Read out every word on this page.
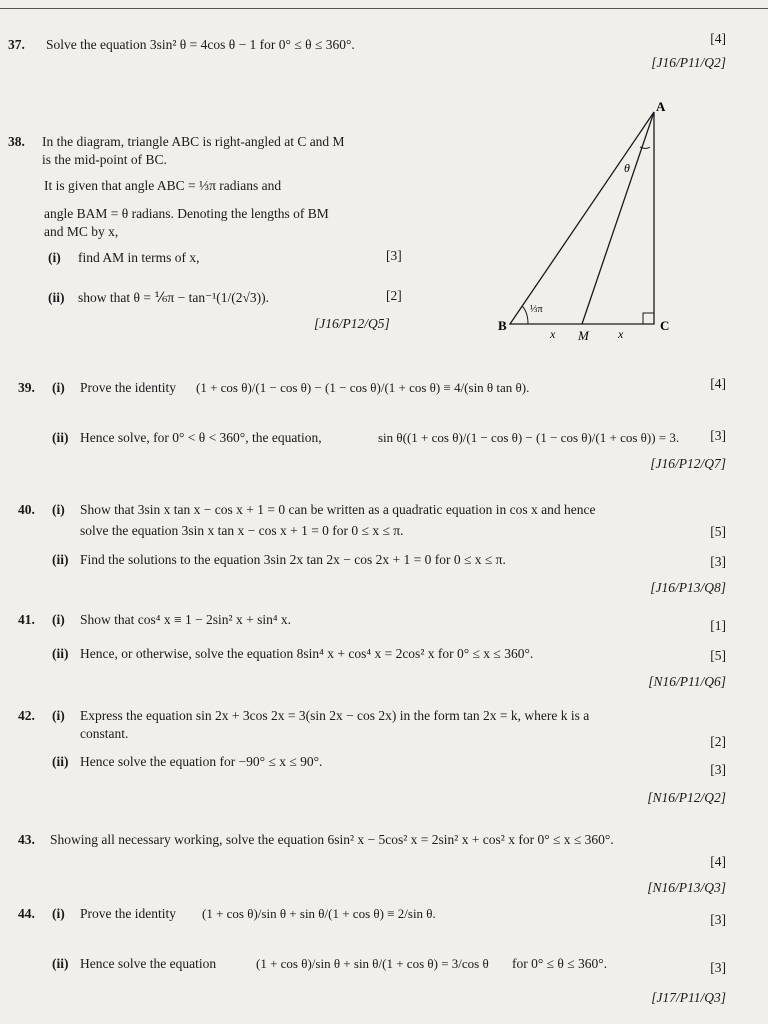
37. Solve the equation 3sin² θ = 4cos θ − 1 for 0° ≤ θ ≤ 360°.	[4]
[J16/P11/Q2]
38. In the diagram, triangle ABC is right-angled at C and M
is the mid-point of BC.
It is given that angle ABC = ⅓π radians and
angle BAM = θ radians. Denoting the lengths of BM
and MC by x,
(i) find AM in terms of x,	[3]
(ii) show that θ = ⅙π − tan⁻¹(1/(2√3)).	[2]
[J16/P12/Q5]
A
B	C
M
θ
⅓π
x	x
39. (i) Prove the identity (1 + cos θ)/(1 − cos θ) − (1 − cos θ)/(1 + cos θ) ≡ 4/(sin θ tan θ).	[4]
(ii) Hence solve, for 0° < θ < 360°, the equation,	sin θ((1 + cos θ)/(1 − cos θ) − (1 − cos θ)/(1 + cos θ)) = 3. [3]
[J16/P12/Q7]
40. (i) Show that 3sin x tan x − cos x + 1 = 0 can be written as a quadratic equation in cos x and hence
solve the equation 3sin x tan x − cos x + 1 = 0 for 0 ≤ x ≤ π.	[5]
(ii) Find the solutions to the equation 3sin 2x tan 2x − cos 2x + 1 = 0 for 0 ≤ x ≤ π.	[3]
[J16/P13/Q8]
41. (i) Show that cos⁴ x ≡ 1 − 2sin² x + sin⁴ x.	[1]
(ii) Hence, or otherwise, solve the equation 8sin⁴ x + cos⁴ x = 2cos² x for 0° ≤ x ≤ 360°.	[5]
[N16/P11/Q6]
42. (i) Express the equation sin 2x + 3cos 2x = 3(sin 2x − cos 2x) in the form tan 2x = k, where k is a
constant.
[2]
(ii) Hence solve the equation for −90° ≤ x ≤ 90°.
[3]
[N16/P12/Q2]
43. Showing all necessary working, solve the equation 6sin² x − 5cos² x = 2sin² x + cos² x for 0° ≤ x ≤ 360°.
[4]
[N16/P13/Q3]
44. (i) Prove the identity (1 + cos θ)/sin θ + sin θ/(1 + cos θ) ≡ 2/sin θ.	[3]
(ii) Hence solve the equation	(1 + cos θ)/sin θ + sin θ/(1 + cos θ) = 3/cos θ for 0° ≤ θ ≤ 360°.	[3]
[J17/P11/Q3]
